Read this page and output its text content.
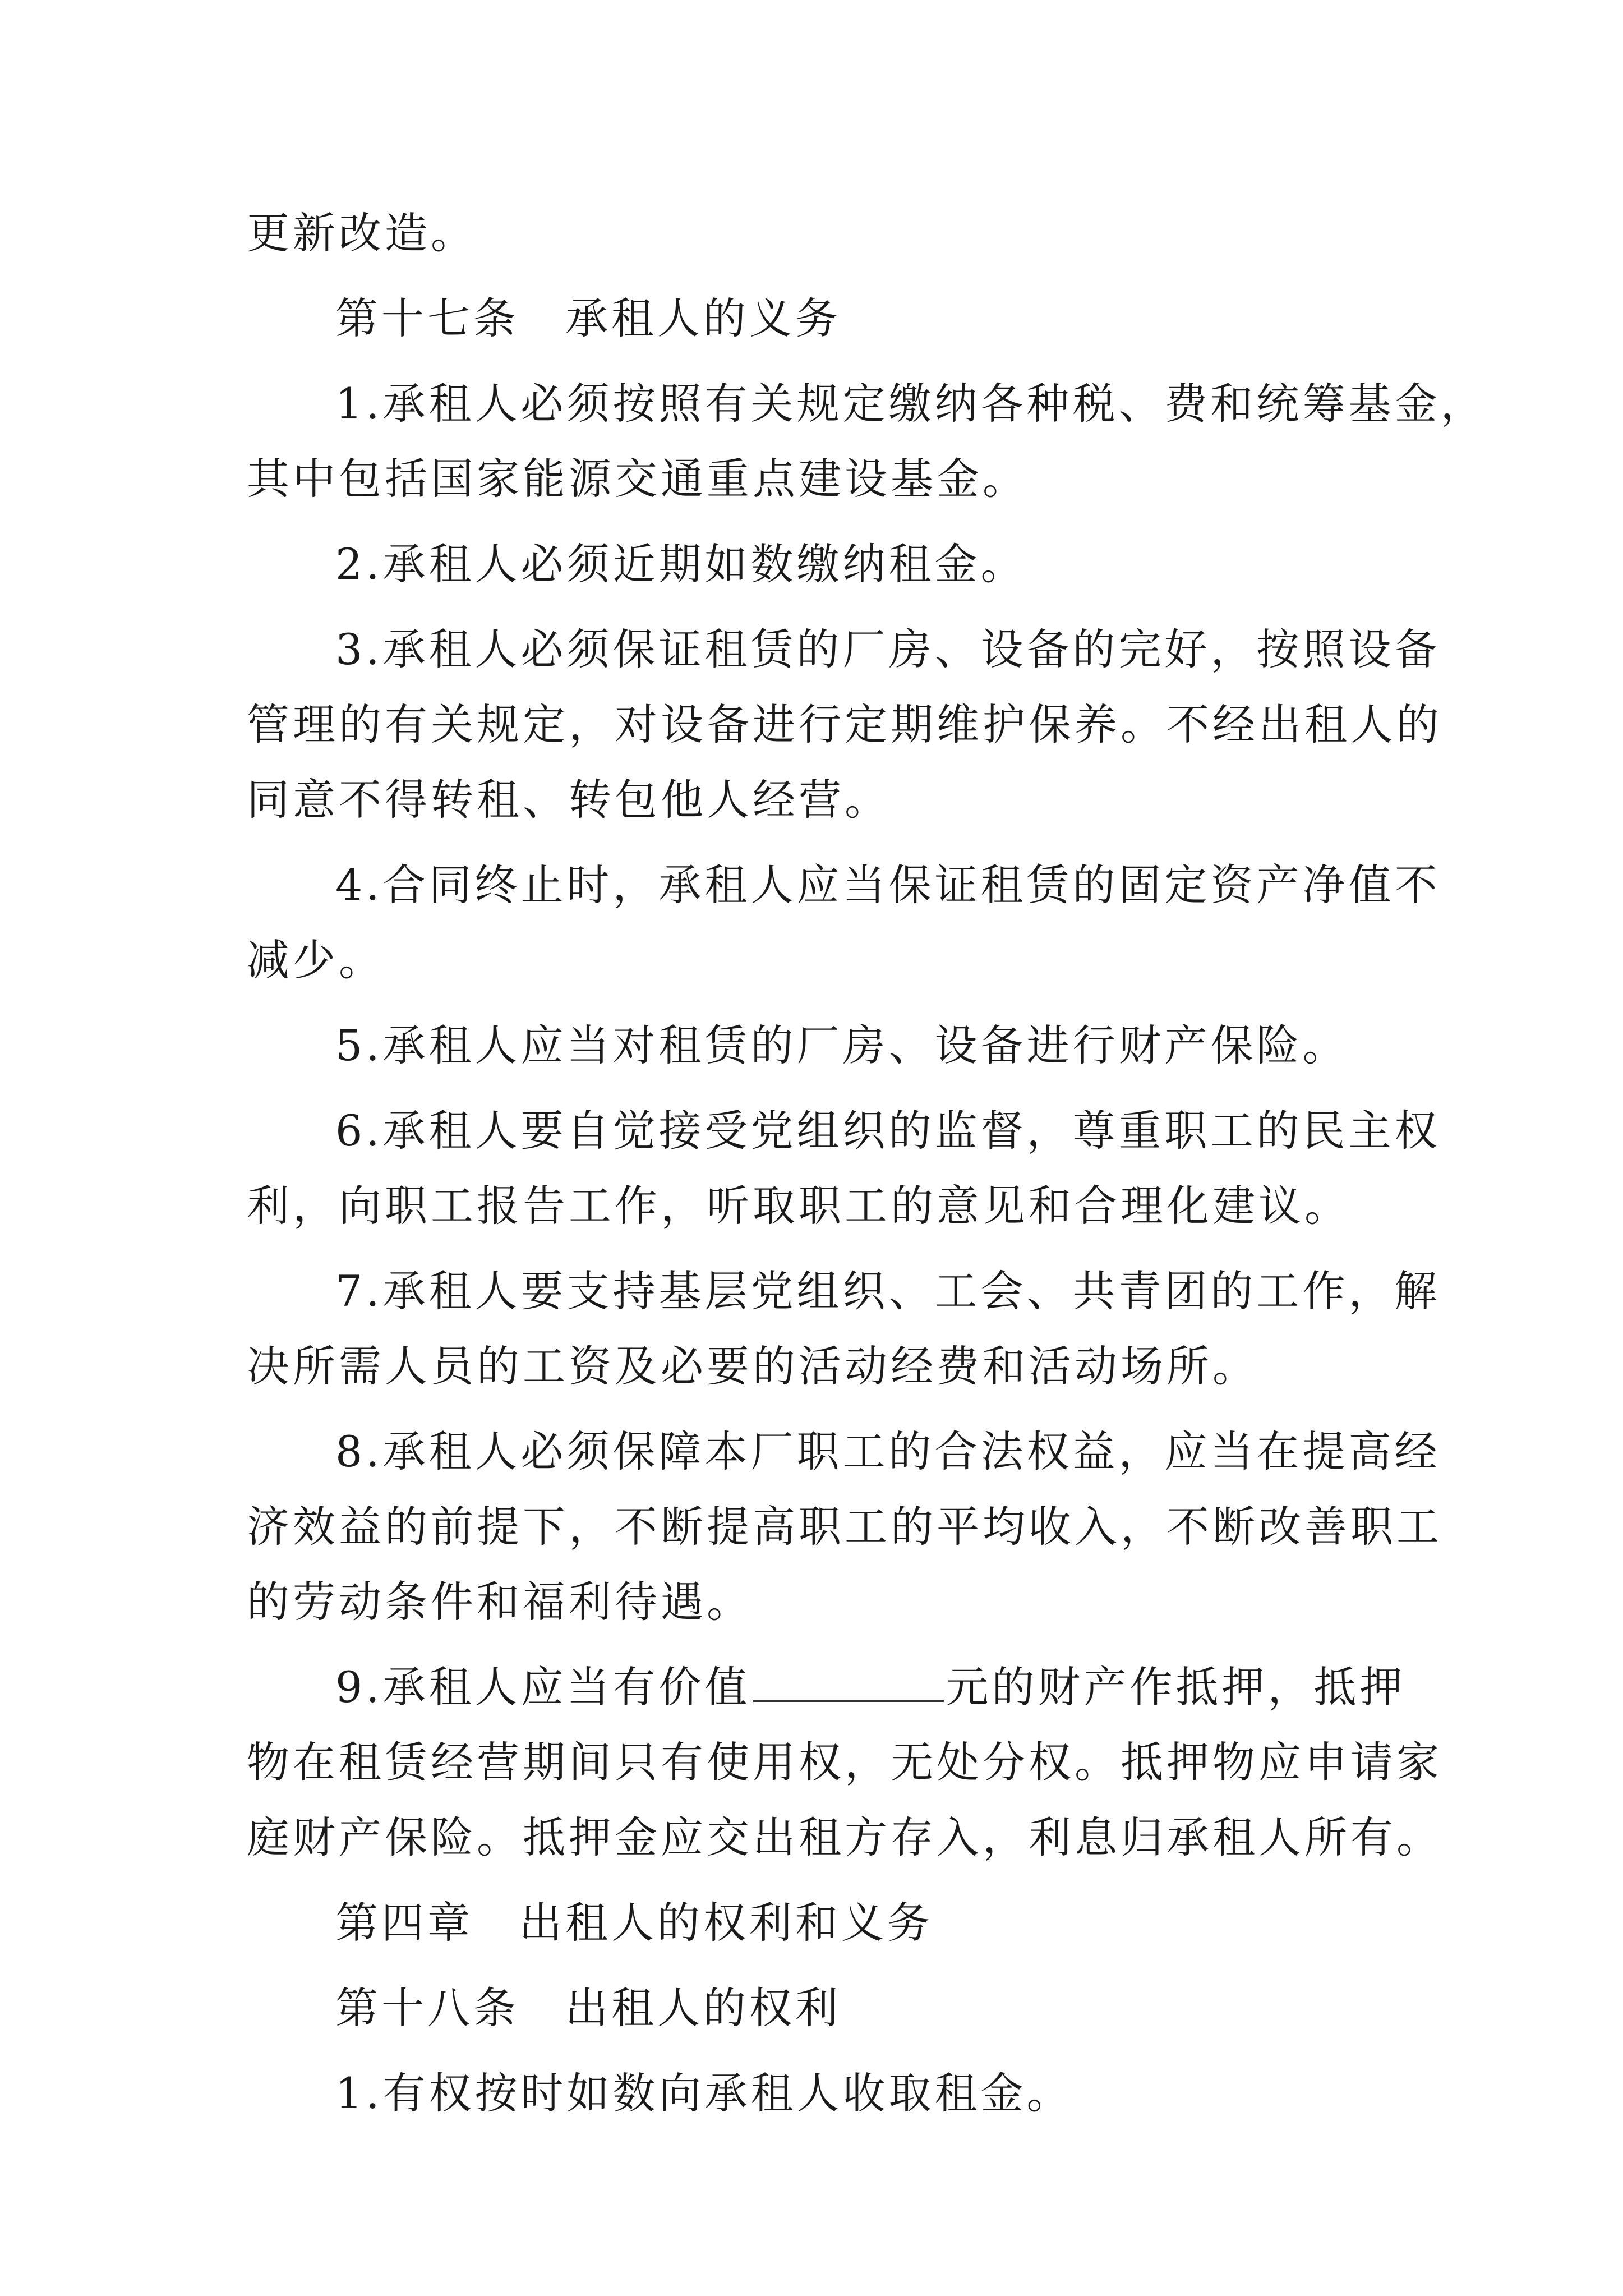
更新改造。
第十七条　承租人的义务
1.承租人必须按照有关规定缴纳各种税、费和统筹基金，
其中包括国家能源交通重点建设基金。
2.承租人必须近期如数缴纳租金。
3.承租人必须保证租赁的厂房、设备的完好，按照设备
管理的有关规定，对设备进行定期维护保养。不经出租人的
同意不得转租、转包他人经营。
4.合同终止时，承租人应当保证租赁的固定资产净值不
减少。
5.承租人应当对租赁的厂房、设备进行财产保险。
6.承租人要自觉接受党组织的监督，尊重职工的民主权
利，向职工报告工作，听取职工的意见和合理化建议。
7.承租人要支持基层党组织、工会、共青团的工作，解
决所需人员的工资及必要的活动经费和活动场所。
8.承租人必须保障本厂职工的合法权益，应当在提高经
济效益的前提下，不断提高职工的平均收入，不断改善职工
的劳动条件和福利待遇。
9.承租人应当有价值	元的财产作抵押，抵押
物在租赁经营期间只有使用权，无处分权。抵押物应申请家
庭财产保险。抵押金应交出租方存入，利息归承租人所有。
第四章　出租人的权利和义务
第十八条　出租人的权利
1.有权按时如数向承租人收取租金。
